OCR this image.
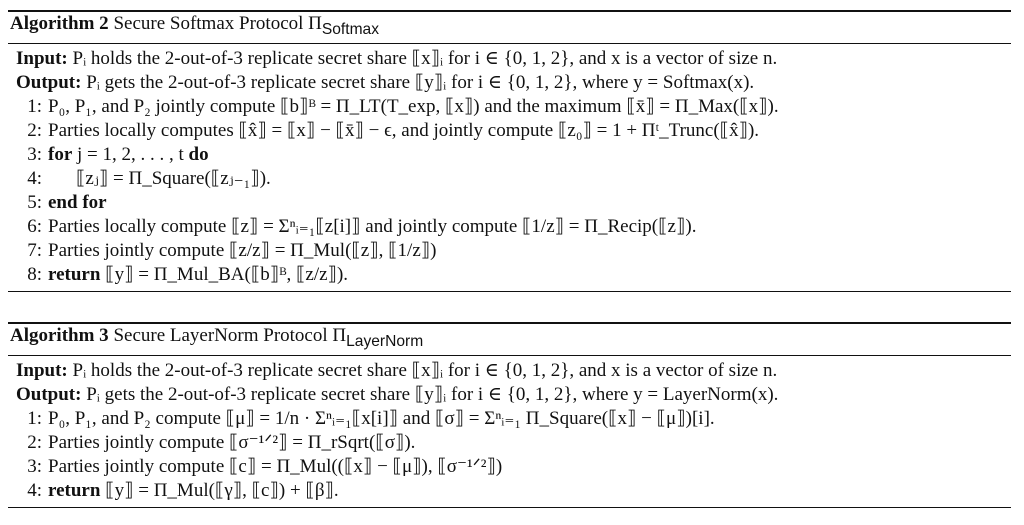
Algorithm 2 Secure Softmax Protocol $\Pi_{Softmax}$
Input: Pᵢ holds the 2-out-of-3 replicate secret share ⟦x⟧ᵢ for i ∈ {0, 1, 2}, and x is a vector of size n.
Output: Pᵢ gets the 2-out-of-3 replicate secret share ⟦y⟧ᵢ for i ∈ {0, 1, 2}, where y = Softmax(x).
1: P₀, P₁, and P₂ jointly compute ⟦b⟧ᴮ = Π_LT(T_exp, ⟦x⟧) and the maximum ⟦x̄⟧ = Π_Max(⟦x⟧).
2: Parties locally computes ⟦x̂⟧ = ⟦x⟧ − ⟦x̄⟧ − ϵ, and jointly compute ⟦z₀⟧ = 1 + Πᵗ_Trunc(⟦x̂⟧).
3: for j = 1, 2, . . . , t do
4: ⟦zⱼ⟧ = Π_Square(⟦zⱼ₋₁⟧).
5: end for
6: Parties locally compute ⟦z⟧ = Σⁿᵢ₌₁⟦z[i]⟧ and jointly compute ⟦1/z⟧ = Π_Recip(⟦z⟧).
7: Parties jointly compute ⟦z/z⟧ = Π_Mul(⟦z⟧, ⟦1/z⟧)
8: return ⟦y⟧ = Π_Mul_BA(⟦b⟧ᴮ, ⟦z/z⟧).
Algorithm 3 Secure LayerNorm Protocol $\Pi_{LayerNorm}$
Input: Pᵢ holds the 2-out-of-3 replicate secret share ⟦x⟧ᵢ for i ∈ {0, 1, 2}, and x is a vector of size n.
Output: Pᵢ gets the 2-out-of-3 replicate secret share ⟦y⟧ᵢ for i ∈ {0, 1, 2}, where y = LayerNorm(x).
1: P₀, P₁, and P₂ compute ⟦μ⟧ = 1/n · Σⁿᵢ₌₁⟦x[i]⟧ and ⟦σ⟧ = Σⁿᵢ₌₁ Π_Square(⟦x⟧ − ⟦μ⟧)[i].
2: Parties jointly compute ⟦σ⁻¹ᐟ²⟧ = Π_rSqrt(⟦σ⟧).
3: Parties jointly compute ⟦c⟧ = Π_Mul((⟦x⟧ − ⟦μ⟧), ⟦σ⁻¹ᐟ²⟧)
4: return ⟦y⟧ = Π_Mul(⟦γ⟧, ⟦c⟧) + ⟦β⟧.
